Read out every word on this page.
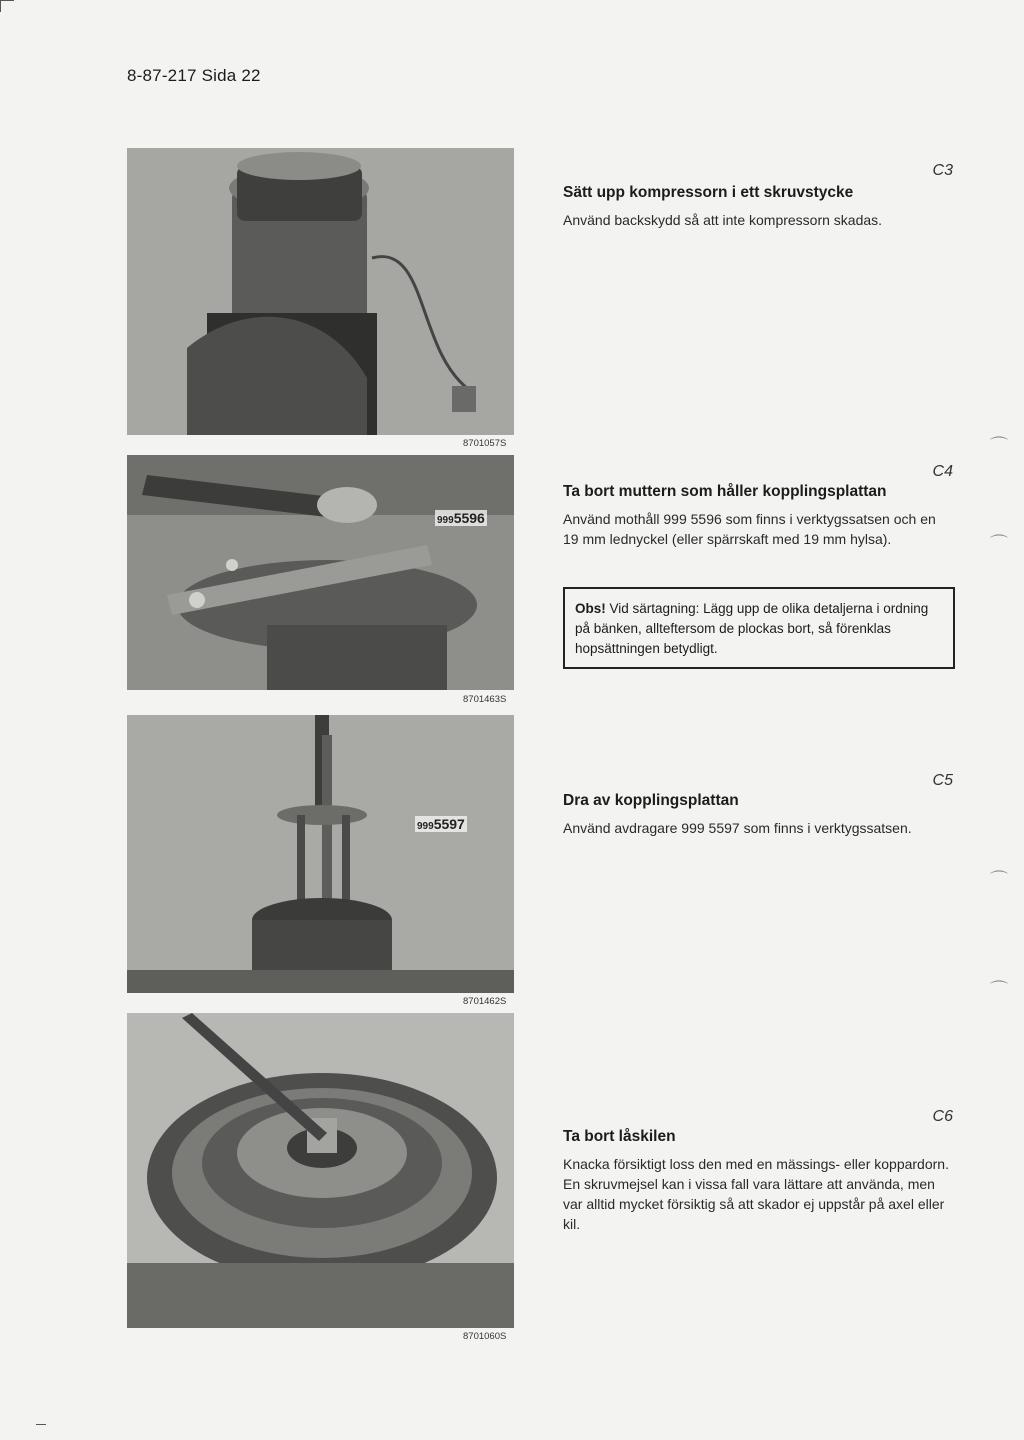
8-87-217 Sida 22
8701057S
C3
Sätt upp kompressorn i ett skruvstycke

Använd backskydd så att inte kompressorn skadas.

9995596
8701463S
C4
Ta bort muttern som håller kopplingsplattan

Använd mothåll 999 5596 som finns i verktygssatsen och en 19 mm lednyckel (eller spärrskaft med 19 mm hylsa).

Obs! Vid särtagning: Lägg upp de olika detaljerna i ordning på bänken, allteftersom de plockas bort, så förenklas hopsättningen betydligt.
9995597
8701462S
C5
Dra av kopplingsplattan

Använd avdragare 999 5597 som finns i verktygssatsen.

8701060S
C6
Ta bort låskilen

Knacka försiktigt loss den med en mässings- eller koppardorn. En skruvmejsel kan i vissa fall vara lättare att använda, men var alltid mycket försiktig så att skador ej uppstår på axel eller kil.

⌒
⌒
⌒
⌒
